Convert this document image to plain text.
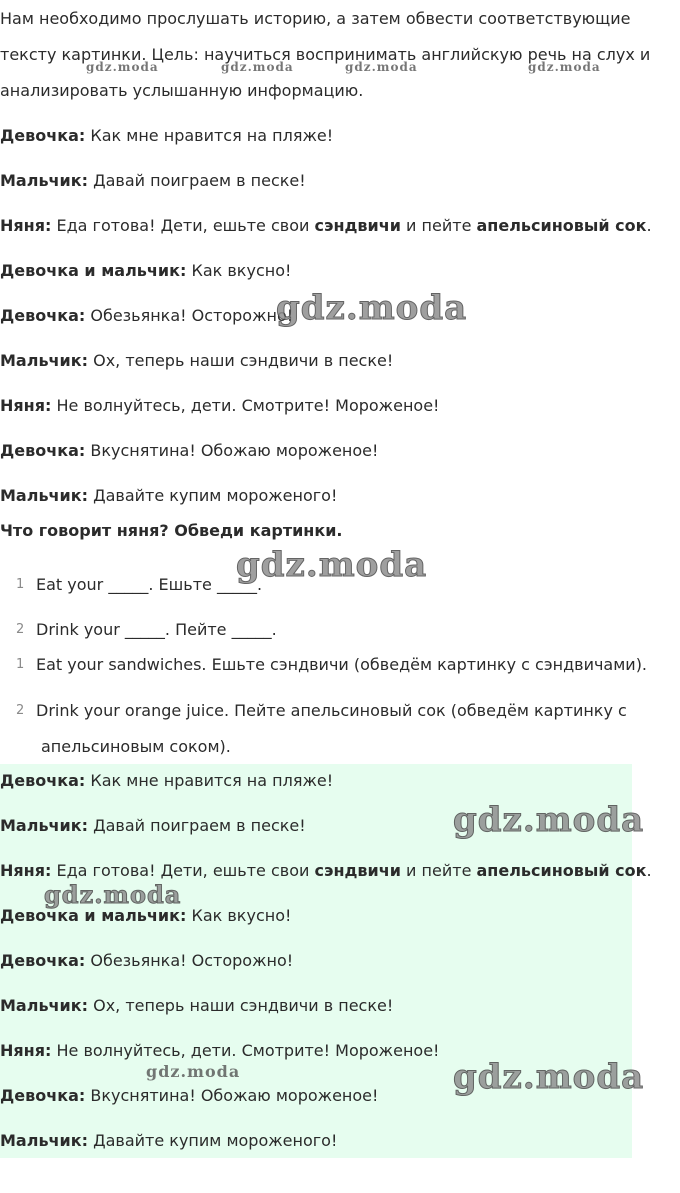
Нам необходимо прослушать историю, а затем обвести соответствующие
тексту картинки. Цель: научиться воспринимать английскую речь на слух и
анализировать услышанную информацию.
Девочка: Как мне нравится на пляже!
Мальчик: Давай поиграем в песке!
Няня: Еда готова! Дети, ешьте свои сэндвичи и пейте апельсиновый сок.
Девочка и мальчик: Как вкусно!
Девочка: Обезьянка! Осторожно!
Мальчик: Ох, теперь наши сэндвичи в песке!
Няня: Не волнуйтесь, дети. Смотрите! Мороженое!
Девочка: Вкуснятина! Обожаю мороженое!
Мальчик: Давайте купим мороженого!
Что говорит няня? Обведи картинки.
1 Eat your _____. Ешьте _____.
2 Drink your _____. Пейте _____.
1 Eat your sandwiches. Ешьте сэндвичи (обведём картинку с сэндвичами).
2 Drink your orange juice. Пейте апельсиновый сок (обведём картинку с
апельсиновым соком).
Девочка: Как мне нравится на пляже!
Мальчик: Давай поиграем в песке!
Няня: Еда готова! Дети, ешьте свои сэндвичи и пейте апельсиновый сок.
Девочка и мальчик: Как вкусно!
Девочка: Обезьянка! Осторожно!
Мальчик: Ох, теперь наши сэндвичи в песке!
Няня: Не волнуйтесь, дети. Смотрите! Мороженое!
Девочка: Вкуснятина! Обожаю мороженое!
Мальчик: Давайте купим мороженого!
gdz.moda	gdz.moda	gdz.moda	gdz.moda
gdz.moda
gdz.moda
gdz.moda
gdz.moda
gdz.moda	gdz.moda
